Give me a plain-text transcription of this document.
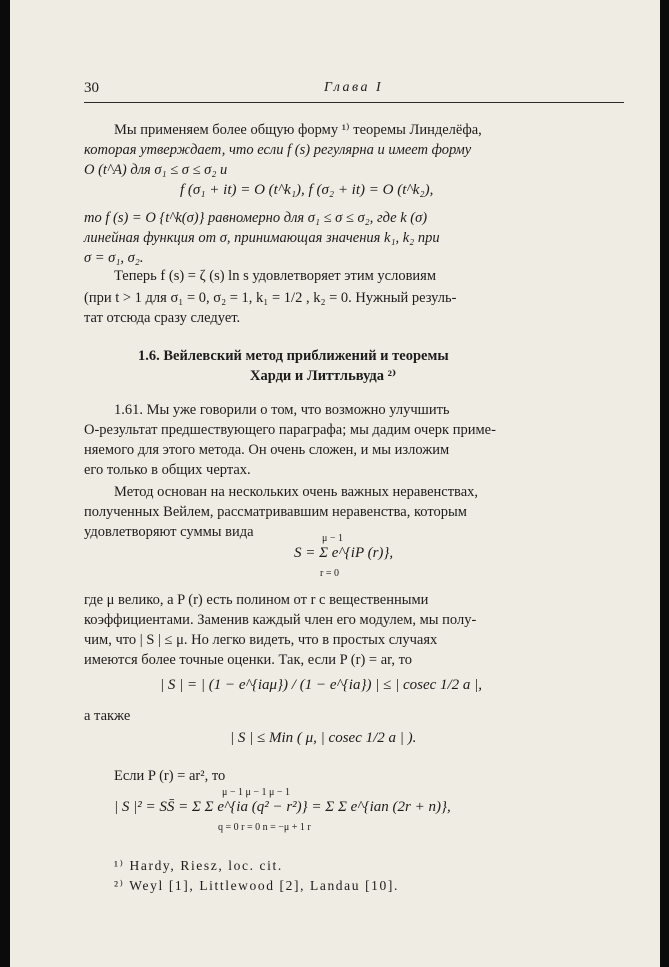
30	Глава I

Мы применяем более общую форму ¹⁾ теоремы Линделёфа,

которая утверждает, что если f (s) регулярна и имеет форму

O (t^A) для σ₁ ≤ σ ≤ σ₂ и

f (σ₁ + it) = O (t^k₁), f (σ₂ + it) = O (t^k₂),

то f (s) = O {t^k(σ)} равномерно для σ₁ ≤ σ ≤ σ₂, где k (σ)

линейная функция от σ, принимающая значения k₁, k₂ при

σ = σ₁, σ₂.

Теперь f (s) = ζ (s) ln s удовлетворяет этим условиям

(при t > 1 для σ₁ = 0, σ₂ = 1, k₁ = 1/2 , k₂ = 0. Нужный резуль-

тат отсюда сразу следует.

1.6. Вейлевский метод приближений и теоремы

Харди и Литтльвуда ²⁾

1.61. Мы уже говорили о том, что возможно улучшить

O-результат предшествующего параграфа; мы дадим очерк приме-

няемого для этого метода. Он очень сложен, и мы изложим

его только в общих чертах.

Метод основан на нескольких очень важных неравенствах,

полученных Вейлем, рассматривавшим неравенства, которым

удовлетворяют суммы вида	μ − 1

S = Σ e^{iP (r)},

r = 0

где μ велико, а P (r) есть полином от r с вещественными

коэффициентами. Заменив каждый член его модулем, мы полу-

чим, что | S | ≤ μ. Но легко видеть, что в простых случаях

имеются более точные оценки. Так, если P (r) = ar, то

| S | = | (1 − e^{iaμ}) / (1 − e^{ia}) | ≤ | cosec 1/2 a |,

а также

| S | ≤ Min ( μ, | cosec 1/2 a | ).

Если P (r) = ar², то

μ − 1 μ − 1 μ − 1

| S |² = SS̄ = Σ Σ e^{ia (q² − r²)} = Σ Σ e^{ian (2r + n)},

q = 0 r = 0 n = −μ + 1 r

¹⁾ Hardy, Riesz, loc. cit.

²⁾ Weyl [1], Littlewood [2], Landau [10].
